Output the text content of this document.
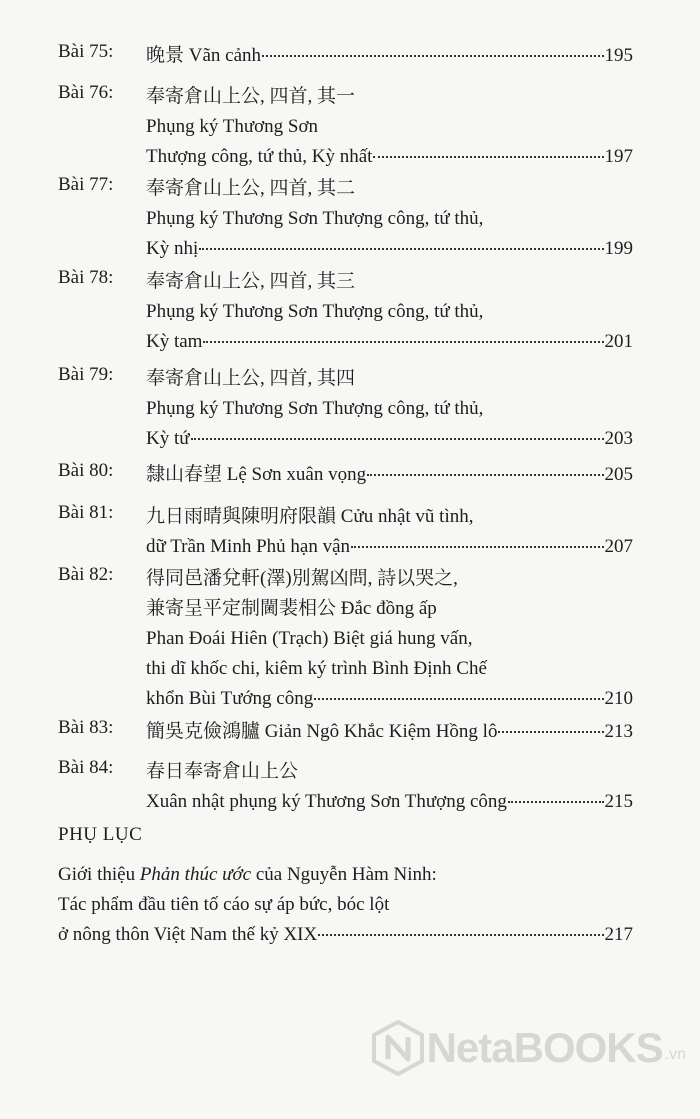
Bài 75: 晚景 Vãn cảnh	195
Bài 76: 奉寄倉山上公, 四首, 其一
Phụng ký Thương Sơn
Thượng công, tứ thủ, Kỳ nhất	197
Bài 77: 奉寄倉山上公, 四首, 其二
Phụng ký Thương Sơn Thượng công, tứ thủ,
Kỳ nhị	199
Bài 78: 奉寄倉山上公, 四首, 其三
Phụng ký Thương Sơn Thượng công, tứ thủ,
Kỳ tam	201
Bài 79: 奉寄倉山上公, 四首, 其四
Phụng ký Thương Sơn Thượng công, tứ thủ,
Kỳ tứ	203
Bài 80: 隸山春望 Lệ Sơn xuân vọng	205
Bài 81: 九日雨晴與陳明府限韻 Cửu nhật vũ tình,
dữ Trần Minh Phủ hạn vận	207
Bài 82: 得同邑潘兌軒(澤)別駕凶問, 詩以哭之,
兼寄呈平定制閫裴相公 Đắc đồng ấp
Phan Đoái Hiên (Trạch) Biệt giá hung vấn,
thi dĩ khốc chi, kiêm ký trình Bình Định Chế
khổn Bùi Tướng công	210
Bài 83: 簡吳克儉鴻臚 Giản Ngô Khắc Kiệm Hồng lô	213
Bài 84: 春日奉寄倉山上公
Xuân nhật phụng ký Thương Sơn Thượng công	215
PHỤ LỤC
Giới thiệu Phản thúc ước của Nguyễn Hàm Ninh:
Tác phẩm đầu tiên tố cáo sự áp bức, bóc lột
ở nông thôn Việt Nam thế kỷ XIX	217
NetaBOOKS .vn
